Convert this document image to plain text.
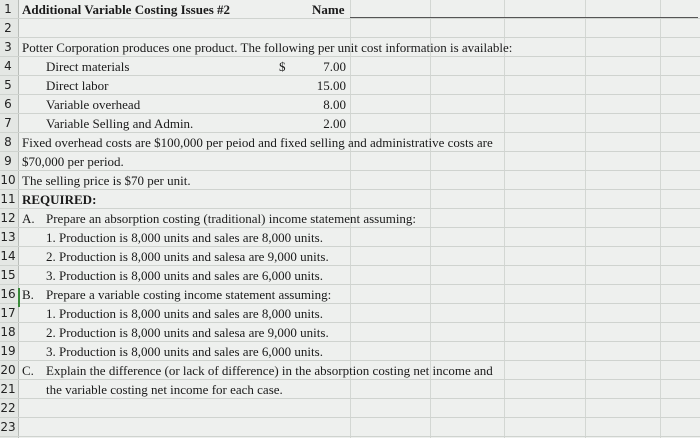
1
2
3
4
5
6
7
8
9
10
11
12
13
14
15
16
17
18
19
20
21
22
23
Additional Variable Costing Issues #2	Name
Potter Corporation produces one product. The following per unit cost information is available:
Direct materials	$	7.00
Direct labor	15.00
Variable overhead	8.00
Variable Selling and Admin.	2.00
Fixed overhead costs are $100,000 per peiod and fixed selling and administrative costs are
$70,000 per period.
The selling price is $70 per unit.
REQUIRED:
A. Prepare an absorption costing (traditional) income statement assuming:
1. Production is 8,000 units and sales are 8,000 units.
2. Production is 8,000 units and salesa are 9,000 units.
3. Production is 8,000 units and sales are 6,000 units.
B. Prepare a variable costing income statement assuming:
1. Production is 8,000 units and sales are 8,000 units.
2. Production is 8,000 units and salesa are 9,000 units.
3. Production is 8,000 units and sales are 6,000 units.
C. Explain the difference (or lack of difference) in the absorption costing net income and
the variable costing net income for each case.
